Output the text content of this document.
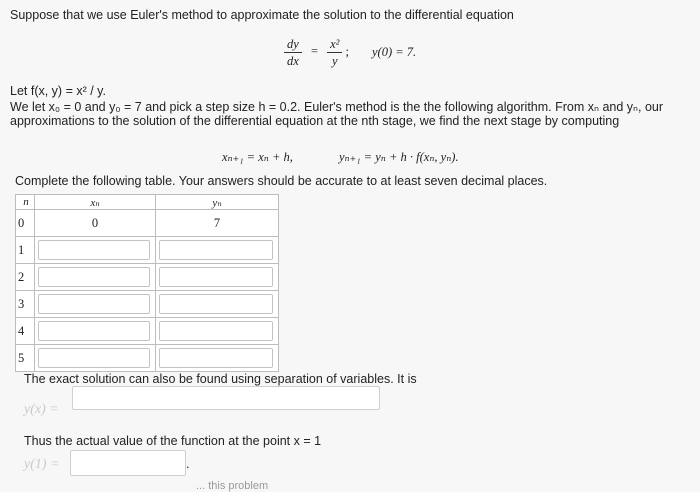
Suppose that we use Euler's method to approximate the solution to the differential equation
$\frac{dy}{dx} = \frac{\text{x²}}{y}$ ; y(0) = 7.
Let f(x, y) = x² / y.
We let x₀ = 0 and y₀ = 7 and pick a step size h = 0.2. Euler's method is the the following algorithm. From xₙ and yₙ, our
approximations to the solution of the differential equation at the nth stage, we find the next stage by computing
xₙ₊₁ = xₙ + h,	yₙ₊₁ = yₙ + h · f(xₙ, yₙ).
Complete the following table. Your answers should be accurate to at least seven decimal places.
n	xₙ	yₙ
0	0	7
1	

2	

3	

4	

5	

The exact solution can also be found using separation of variables. It is
y(x) =
Thus the actual value of the function at the point x = 1
y(1) =	.
... this problem
